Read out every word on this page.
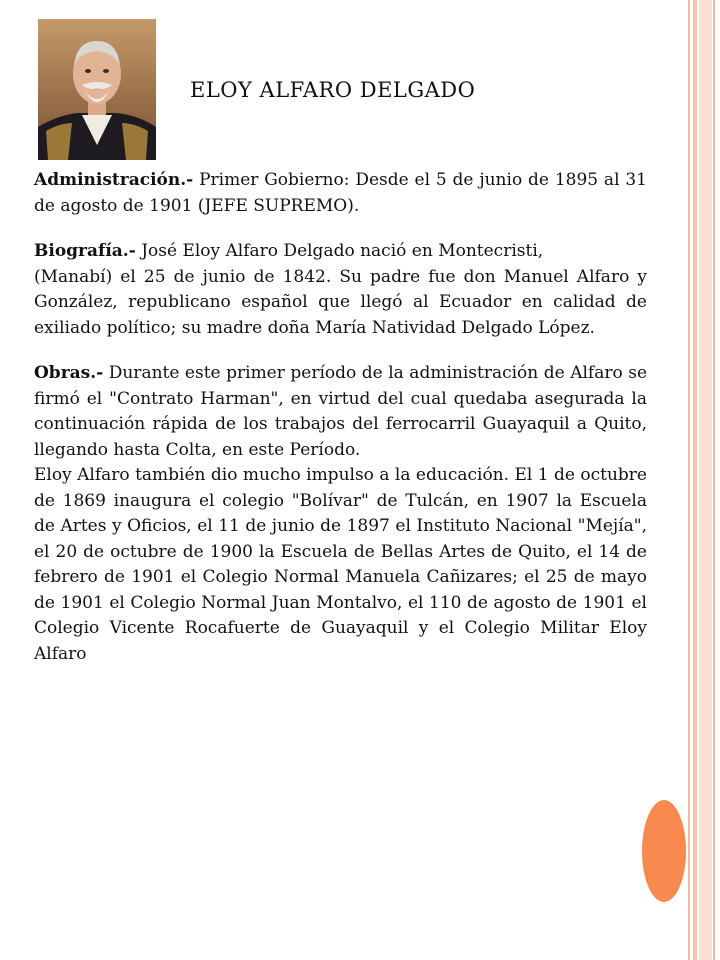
ELOY ALFARO DELGADO

Administración.- Primer Gobierno: Desde el 5 de junio de 1895 al 31 de agosto de 1901 (JEFE SUPREMO).

Biografía.- José Eloy Alfaro Delgado nació en Montecristi,

(Manabí) el 25 de junio de 1842. Su padre fue don Manuel Alfaro y González, republicano español que llegó al Ecuador en calidad de exiliado político; su madre doña María Natividad Delgado López.

Obras.- Durante este primer período de la administración de Alfaro se firmó el "Contrato Harman", en virtud del cual quedaba asegurada la continuación rápida de los trabajos del ferrocarril Guayaquil a Quito, llegando hasta Colta, en este Período.

Eloy Alfaro también dio mucho impulso a la educación. El 1 de octubre de 1869 inaugura el colegio "Bolívar" de Tulcán, en 1907 la Escuela de Artes y Oficios, el 11 de junio de 1897 el Instituto Nacional "Mejía", el 20 de octubre de 1900 la Escuela de Bellas Artes de Quito, el 14 de febrero de 1901 el Colegio Normal Manuela Cañizares; el 25 de mayo de 1901 el Colegio Normal Juan Montalvo, el 110 de agosto de 1901 el Colegio Vicente Rocafuerte de Guayaquil y el Colegio Militar Eloy Alfaro
